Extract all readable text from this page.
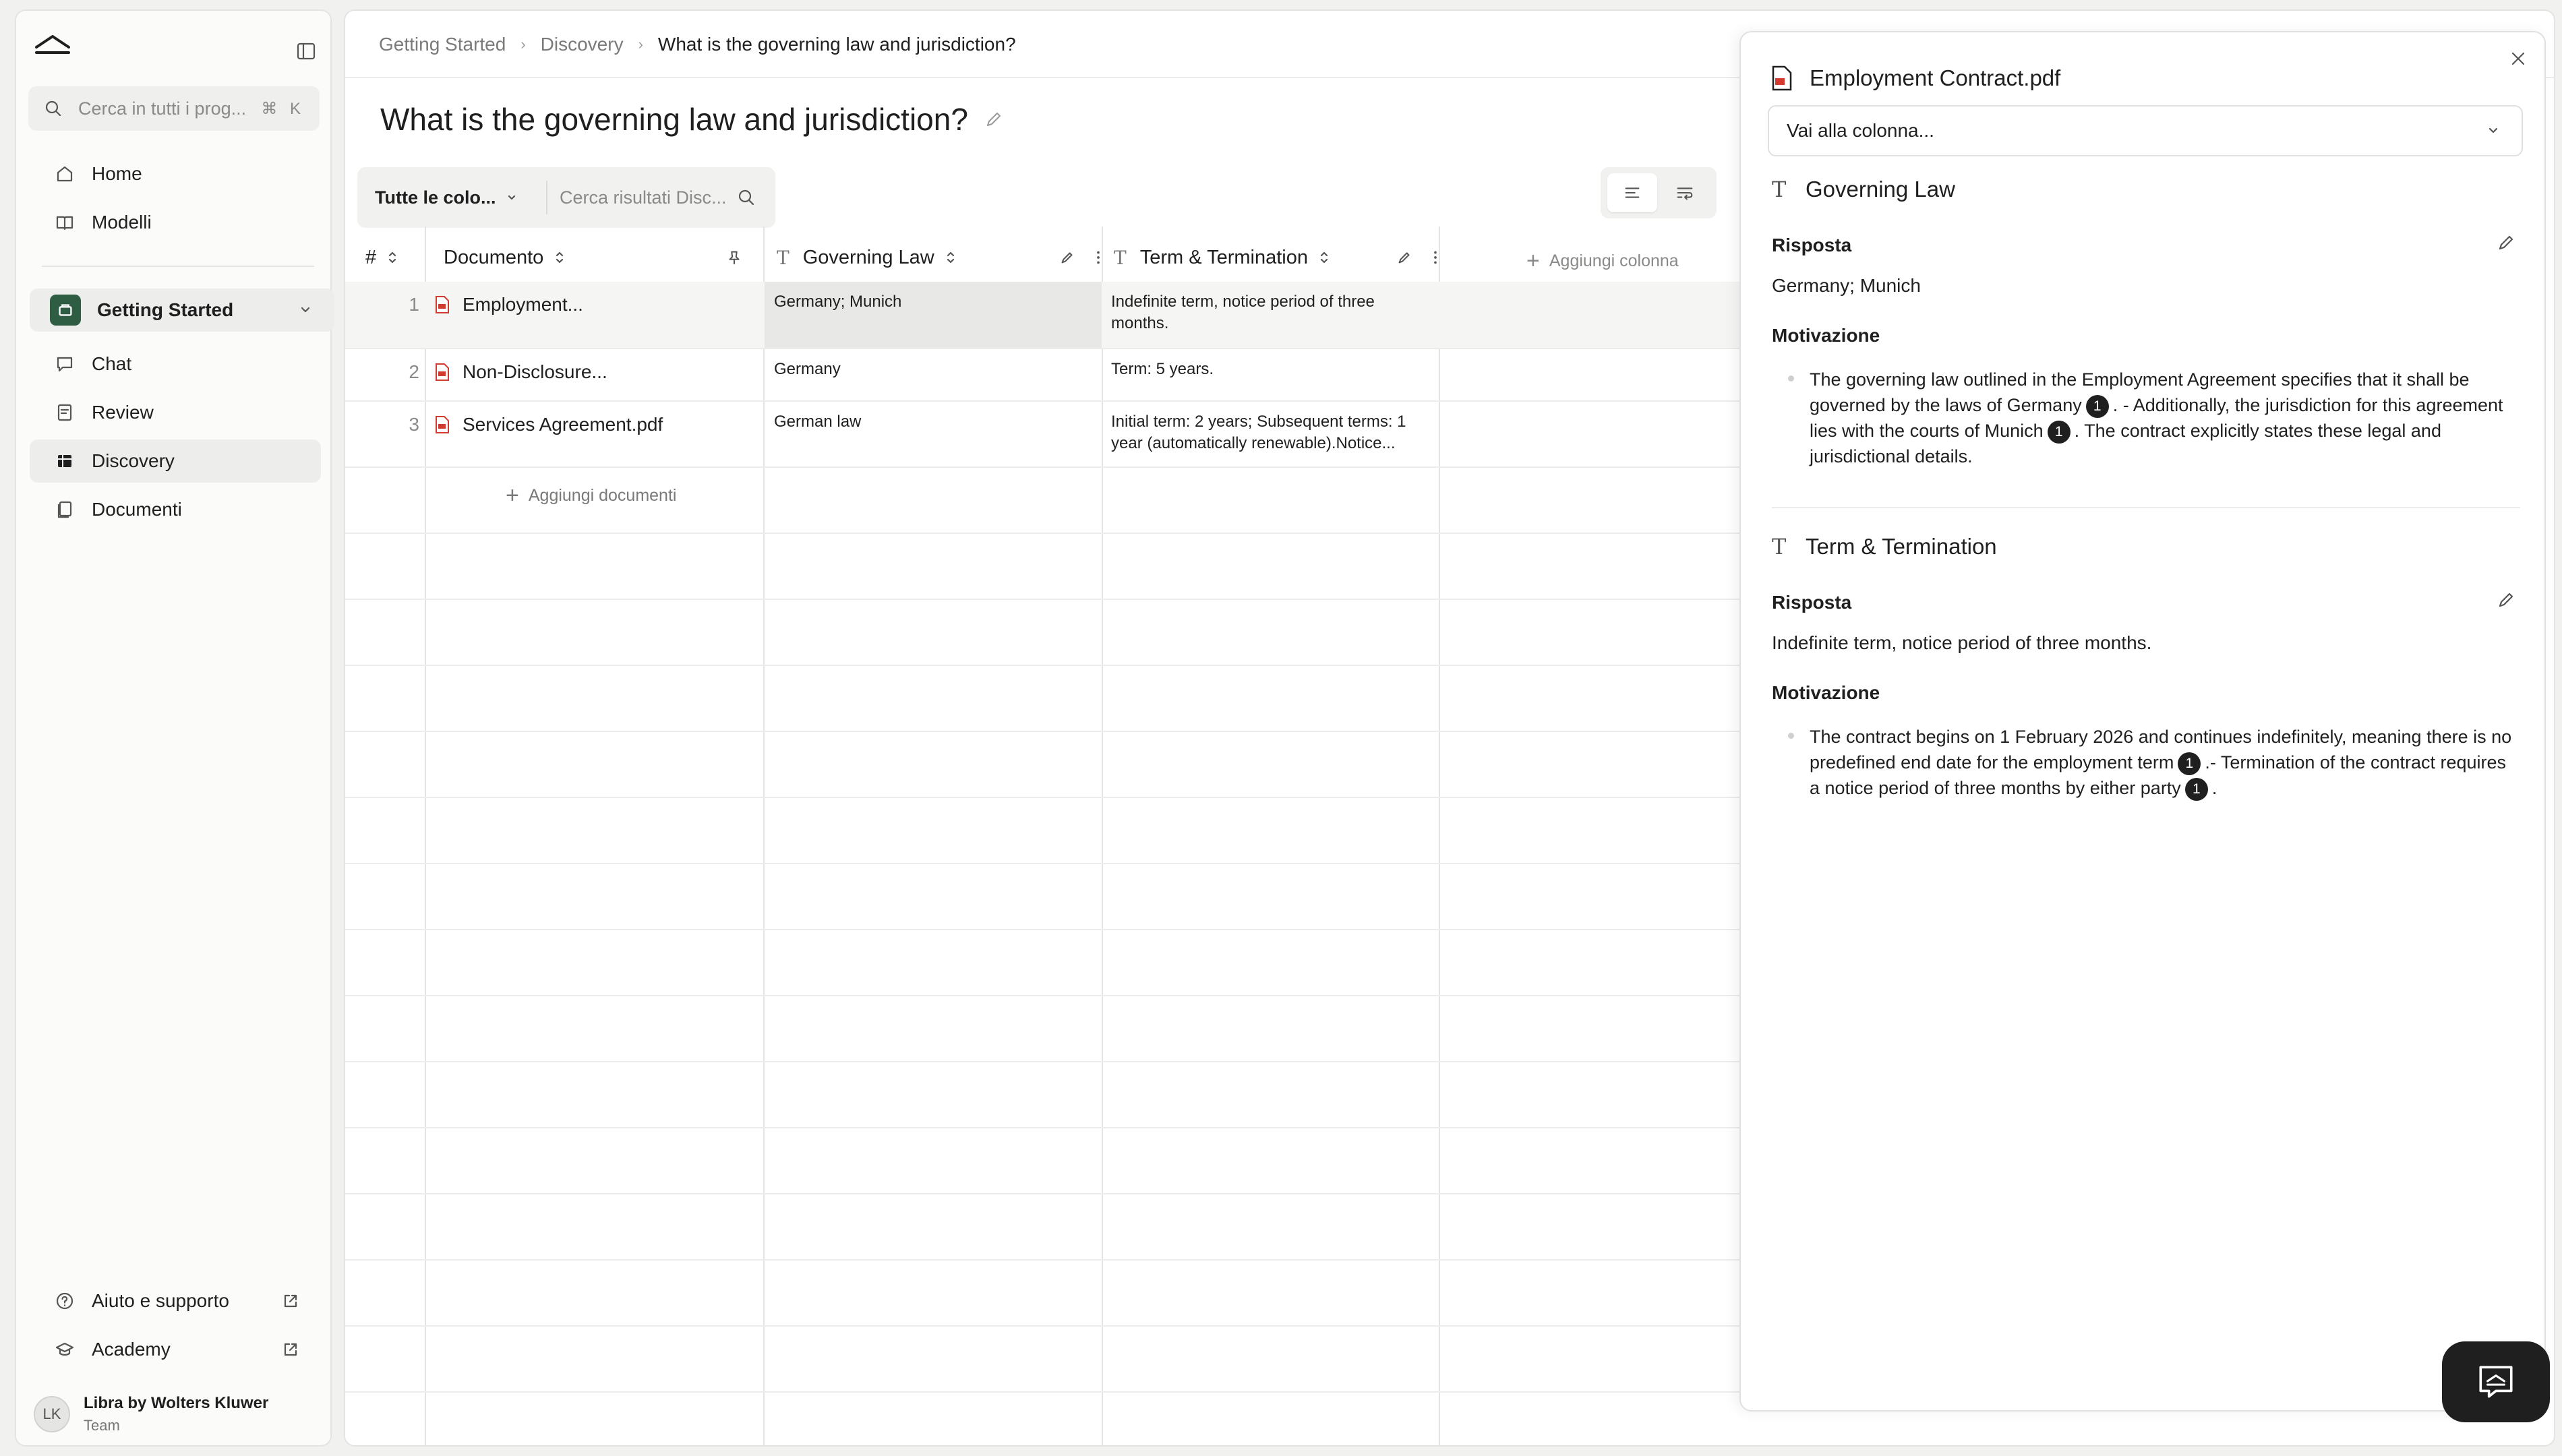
Cerca in tutti i prog... ⌘ K
Home
Modelli
Getting Started
Chat
Review
Discovery
Documenti
Aiuto e supporto
Academy
LK
Libra by Wolters Kluwer
Team
Getting Started › Discovery › What is the governing law and jurisdiction?
What is the governing law and jurisdiction?
Tutte le colo...	Cerca risultati Disc...
#	Documento	T Governing Law	T Term & Termination	+ Aggiungi colonna
1 Employment...	Germany; Munich	Indefinite term, notice period of three months.
2 Non-Disclosure...	Germany	Term: 5 years.
3 Services Agreement.pdf	German law	Initial term: 2 years; Subsequent terms: 1 year (automatically renewable).Notice...
+ Aggiungi documenti
Employment Contract.pdf
Vai alla colonna...
T Governing Law
Risposta
Germany; Munich
Motivazione
The governing law outlined in the Employment Agreement specifies that it shall be governed by the laws of Germany 1 . - Additionally, the jurisdiction for this agreement lies with the courts of Munich 1 . The contract explicitly states these legal and jurisdictional details.
T Term & Termination
Risposta
Indefinite term, notice period of three months.
Motivazione
The contract begins on 1 February 2026 and continues indefinitely, meaning there is no predefined end date for the employment term 1 .- Termination of the contract requires a notice period of three months by either party 1 .
